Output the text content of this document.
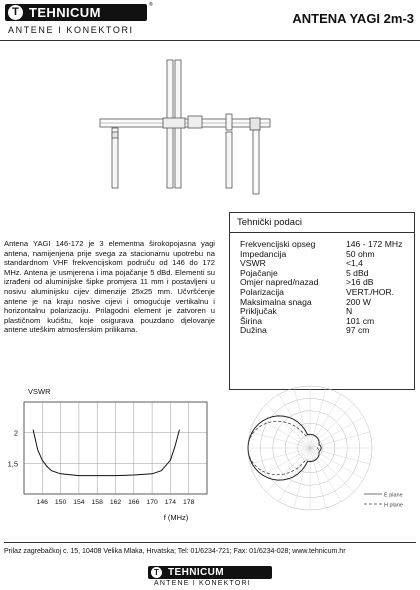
T TEHNICUM	®
ANTENE I KONEKTORI
ANTENA YAGI 2m-3
Tehnički podaci
Frekvencijski opseg	146 - 172 MHz
Impedancija	50 ohm
VSWR	<1,4
Pojačanje	5 dBd
Omjer napred/nazad	>16 dB
Polarizacija	VERT./HOR.
Maksimalna snaga	200 W
Priključak	N
Širina	101 cm
Dužina	97 cm
Antena YAGI 146-172 je 3 elementna širokopojasna yagi antena, namijenjena prije svega za stacionarnu upotrebu na standardnom VHF frekvencijskom područu od 146 do 172 MHz. Antena je usmjerena i ima pojačanje 5 dBd. Elementi su izrađeni od aluminijske šipke promjera 11 mm i postavljeni u nosivu aluminijsku cijev dimenzije 25x25 mm. Učvršćenje antene je na kraju nosive cijevi i omogućuje vertikalnu i horizontalnu polarizaciju. Prilagodni element je zatvoren u plastičnom kućištu, koje osigurava pouzdano djelovanje antene uteškim atmosferskim prilikama.
2
1,5
146 150 154 158 162 166 170 174 178
VSWR
f (MHz)
E plane
H plane
Prilaz zagrebačkoj c. 15, 10408 Velika Mlaka, Hrvatska; Tel: 01/6234-721; Fax: 01/6234-028; www.tehnicum.hr
T TEHNICUM
ANTENE I KONEKTORI
